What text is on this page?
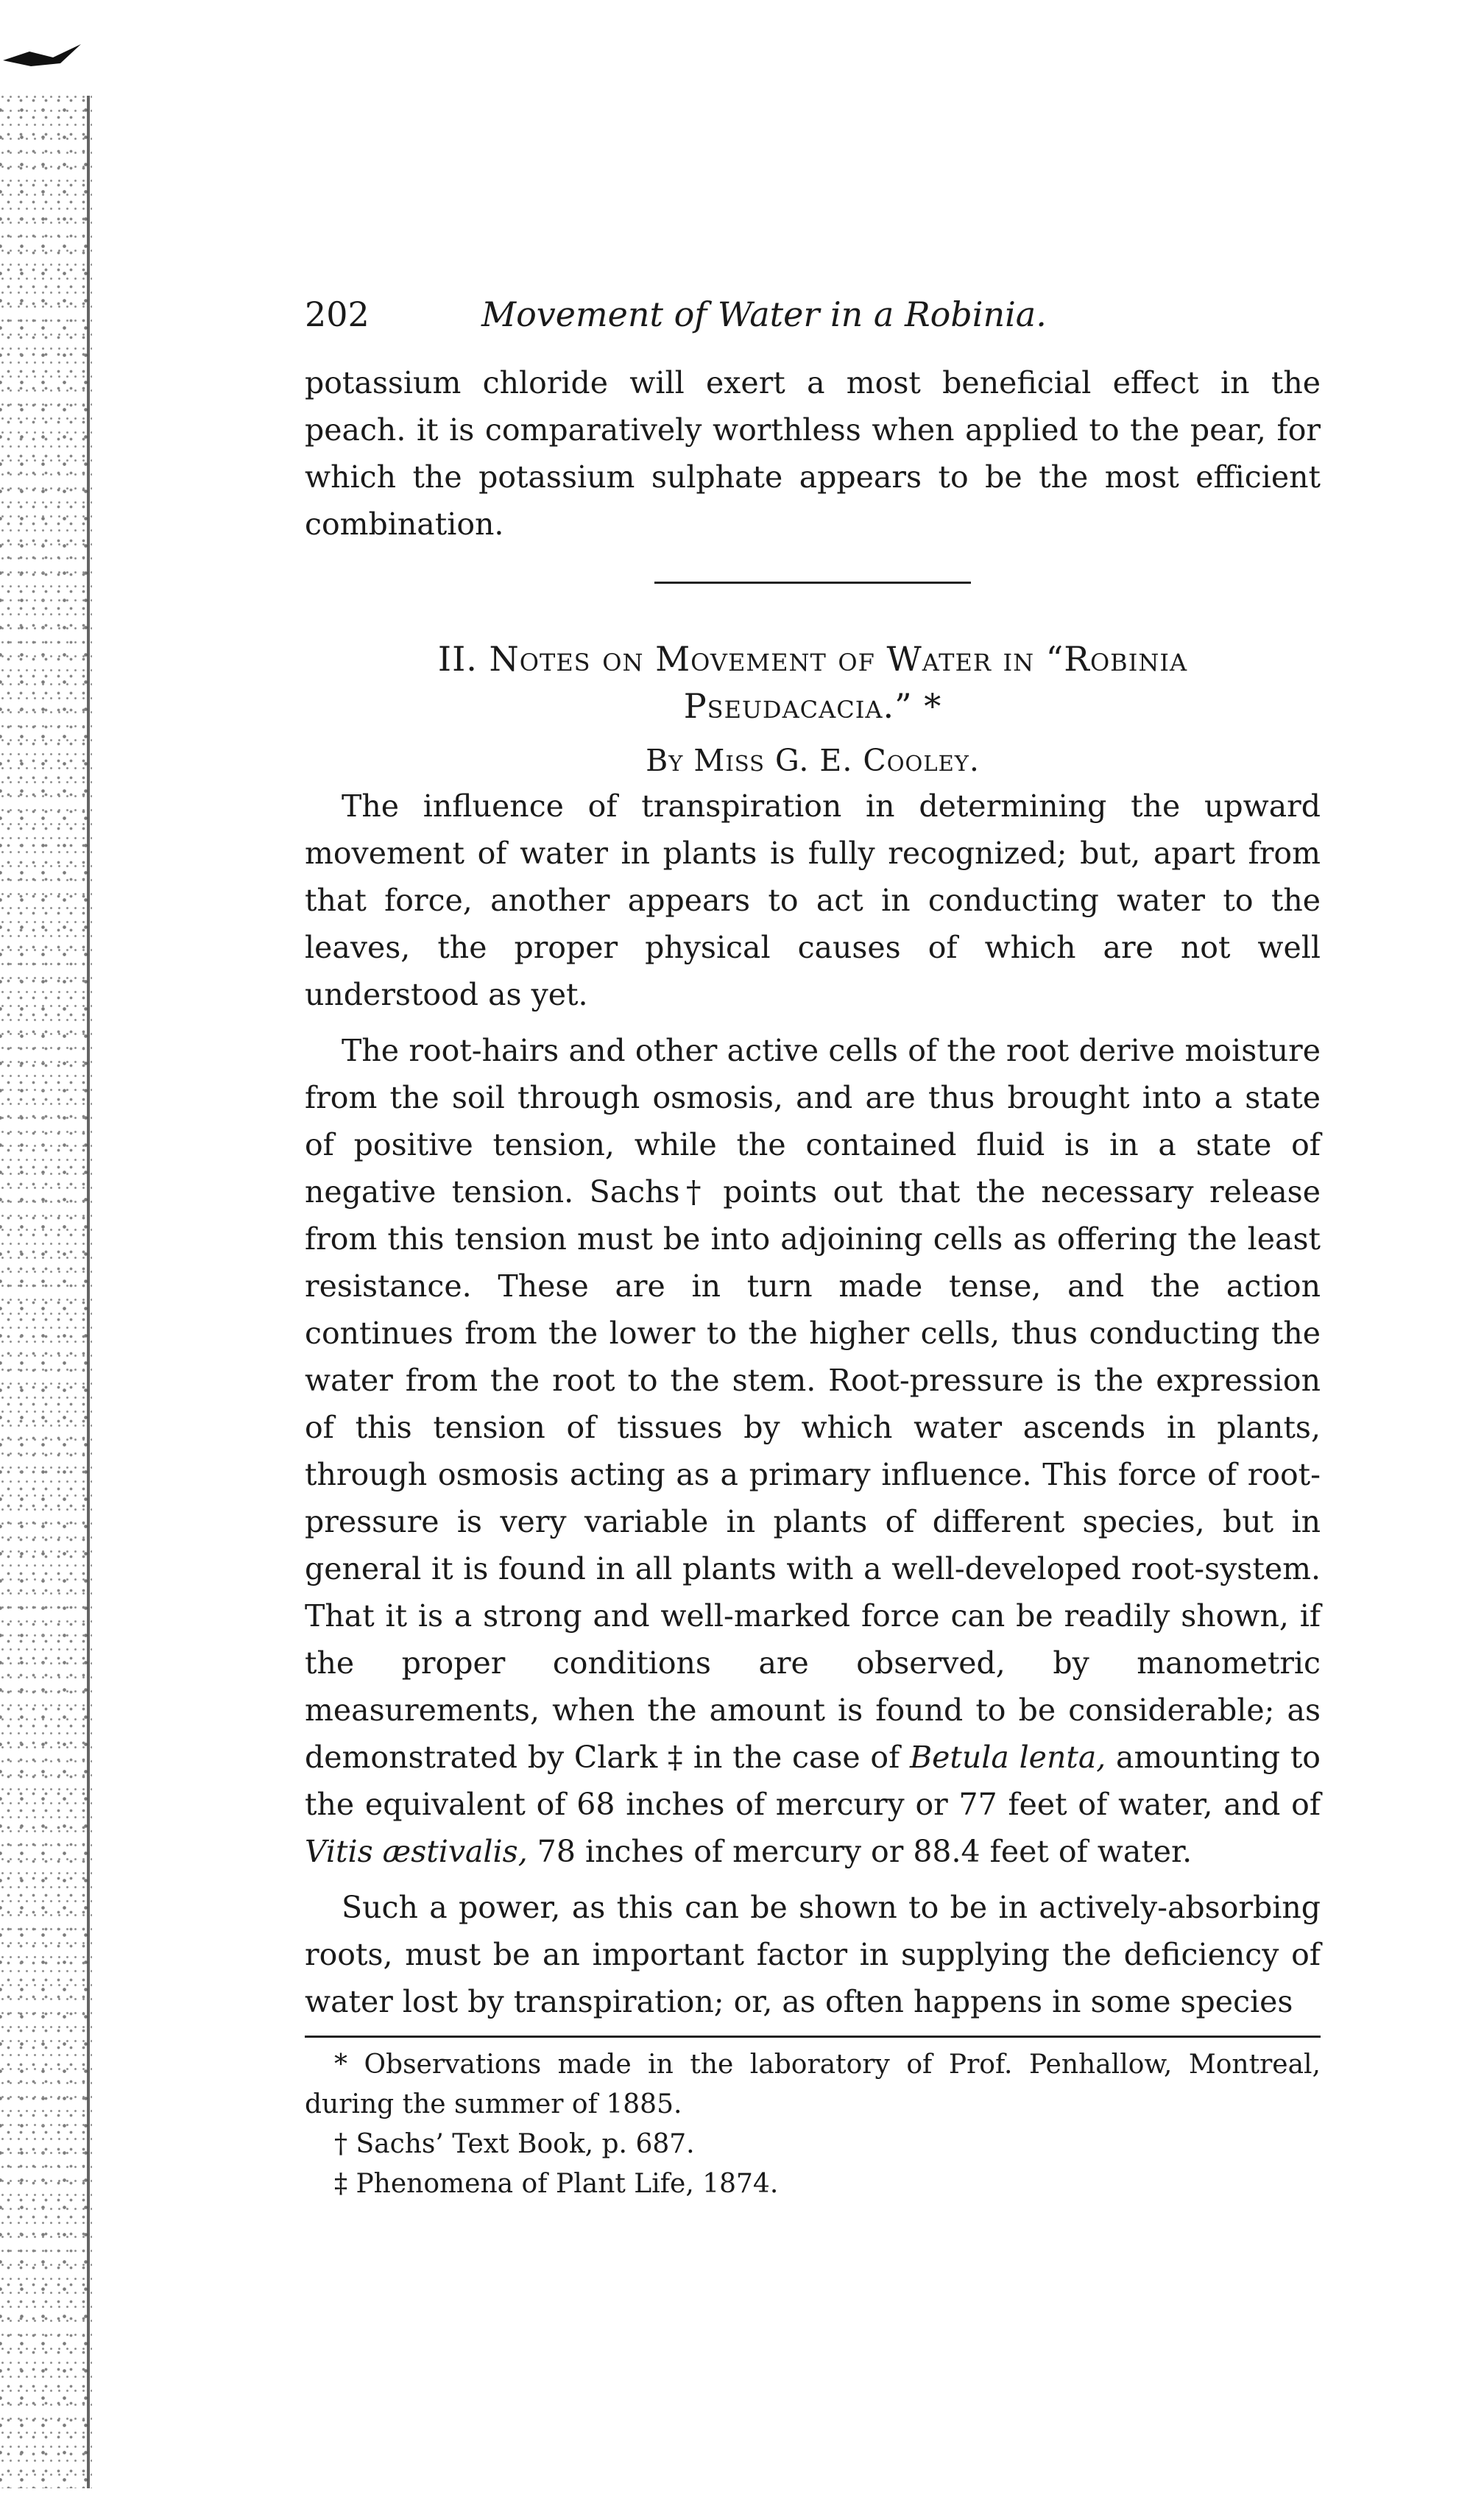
202	Movement of Water in a Robinia.

potassium chloride will exert a most beneficial effect in the peach. it is comparatively worthless when applied to the pear, for which the potassium sulphate appears to be the most efficient combination.

II. Notes on Movement of Water in “Robinia
Pseudacacia.” *
By Miss G. E. Cooley.

The influence of transpiration in determining the upward movement of water in plants is fully recognized; but, apart from that force, another appears to act in conducting water to the leaves, the proper physical causes of which are not well understood as yet.

The root-hairs and other active cells of the root derive moisture from the soil through osmosis, and are thus brought into a state of positive tension, while the contained fluid is in a state of negative tension. Sachs† points out that the necessary release from this tension must be into adjoining cells as offering the least resistance. These are in turn made tense, and the action continues from the lower to the higher cells, thus conducting the water from the root to the stem. Root-pressure is the expression of this tension of tissues by which water ascends in plants, through osmosis acting as a primary influence. This force of root-pressure is very variable in plants of different species, but in general it is found in all plants with a well-developed root-system. That it is a strong and well-marked force can be readily shown, if the proper conditions are observed, by manometric measurements, when the amount is found to be considerable; as demonstrated by Clark ‡ in the case of Betula lenta, amounting to the equivalent of 68 inches of mercury or 77 feet of water, and of Vitis æstivalis, 78 inches of mercury or 88.4 feet of water.

Such a power, as this can be shown to be in actively-absorbing roots, must be an important factor in supplying the deficiency of water lost by transpiration; or, as often happens in some species

* Observations made in the laboratory of Prof. Penhallow, Montreal, during the summer of 1885.

† Sachs’ Text Book, p. 687.

‡ Phenomena of Plant Life, 1874.
